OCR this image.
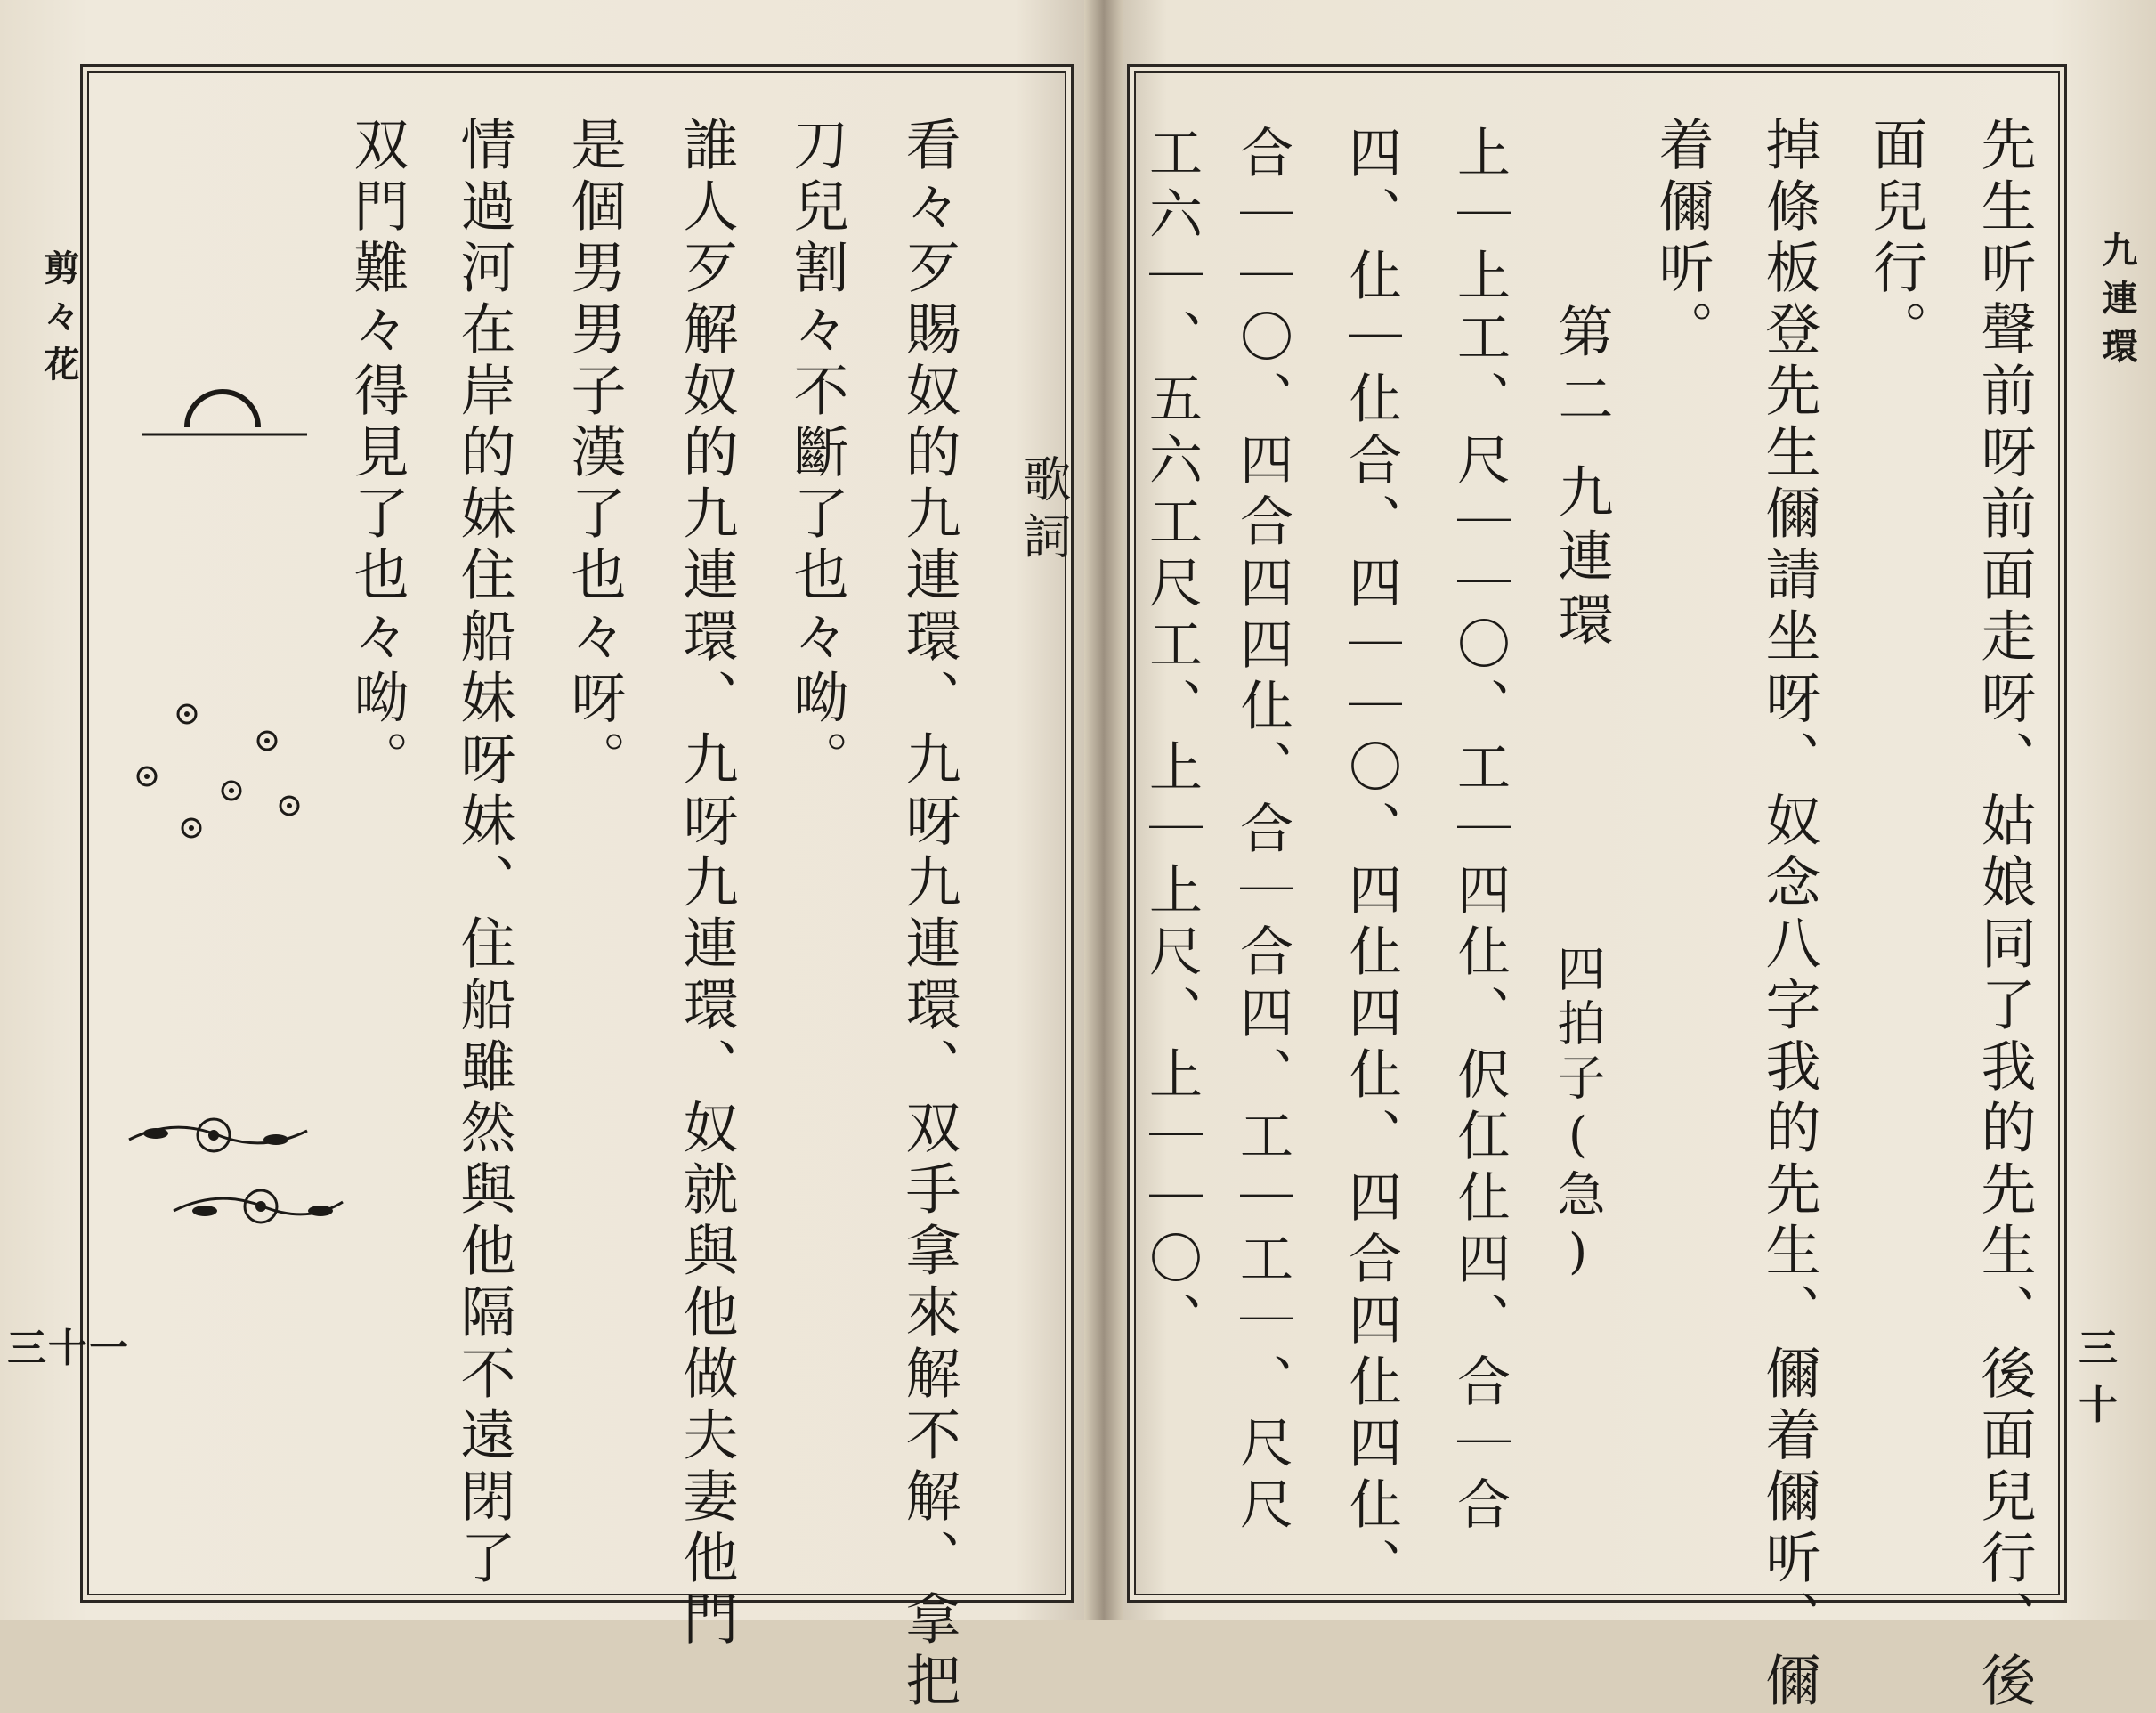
剪々花
三十一	看々歹賜奴的九連環、九呀九連環、双手拿來解不解、拿把
刀兒割々不斷了也々呦。	歌詞
誰人歹解奴的九連環、九呀九連環、奴就與他做夫妻他門
是個男男子漢了也々呀。
情過河在岸的妹住船妹呀妹、住船雖然與他隔不遠閉了
双門難々得見了也々呦。	九連環
三十
先生听聲前呀前面走呀、姑娘同了我的先生、後面兒行、後
面兒行。
掉條板登先生儞請坐呀、奴念八字我的先生、儞着儞听、儞
着儞听。
第二
九連環
四拍子(急)
上｜上工、尺｜｜〇、工｜四仩、伬仜仩四、合｜合
四、仩｜仩合、四｜｜〇、四仩四仩、四合四仩四仩、
合｜｜〇、四合四四仩、合｜合四、工｜工｜、尺尺
工六｜、五六工尺工、上｜上尺、上｜｜〇、
